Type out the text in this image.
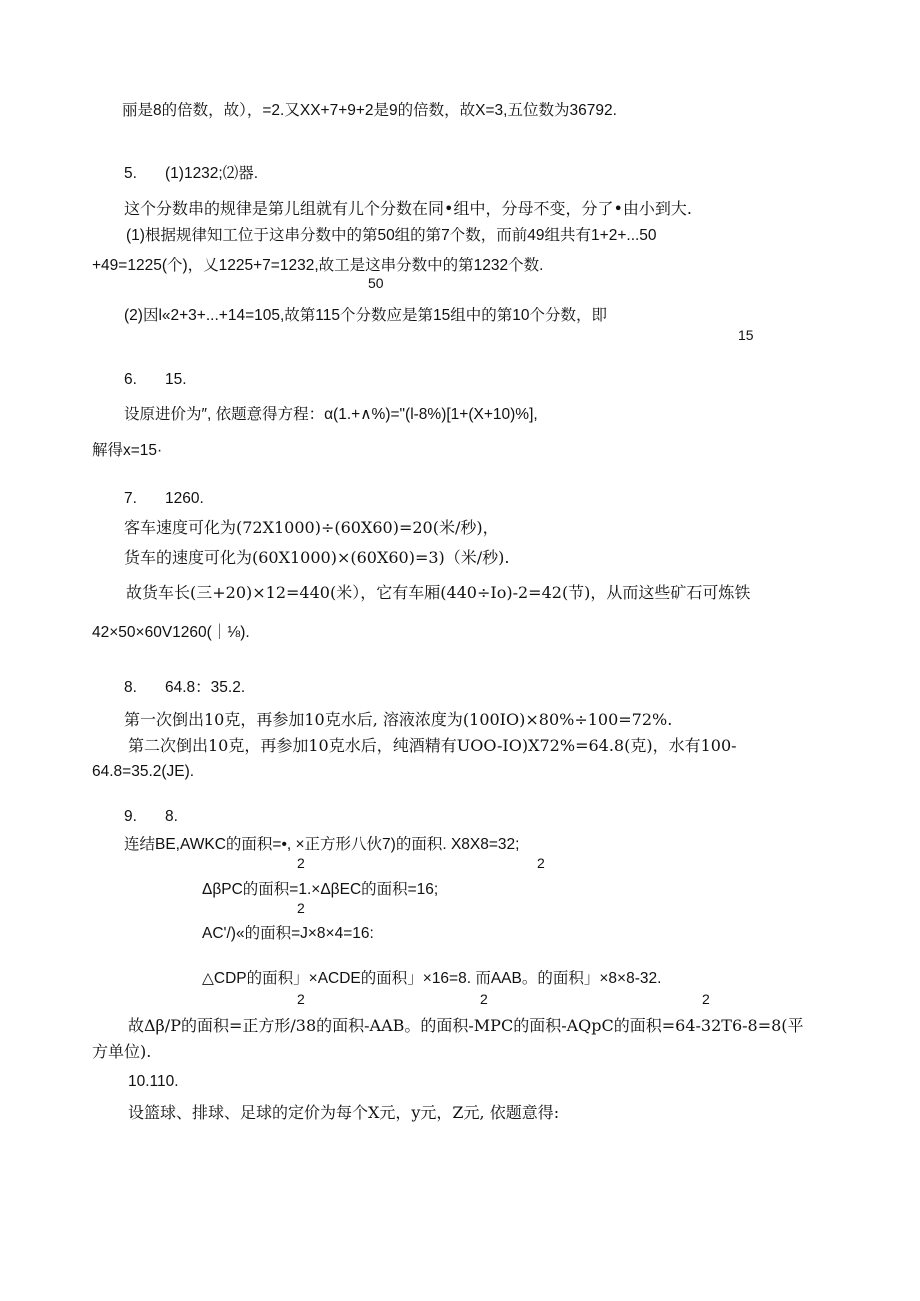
丽是8的倍数，故），=2.又XX+7+9+2是9的倍数，故X=3,五位数为36792.
5. (1)1232;⑵器.
这个分数串的规律是第儿组就有儿个分数在同•组中，分母不变，分了•由小到大.
(1)根据规律知工位于这串分数中的第50组的第7个数，而前49组共有1+2+...50
+49=1225(个)，乂1225+7=1232,故工是这串分数中的第1232个数.
50
(2)因l«2+3+...+14=105,故第115个分数应是第15组中的第10个分数，即
15
6. 15.
设原进价为″, 依题意得方程：α(1.+∧%)="(l-8%)[1+(X+10)%],
解得x=15·
7. 1260.
客车速度可化为(72X1000)÷(60X60)=20(米/秒)，
货车的速度可化为(60X1000)×(60X60)=3)（米/秒).
故货车长(三+20)×12=440(米），它有车厢(440÷Io)-2=42(节)，从而这些矿石可炼铁
42×50×60V1260(｜⅛).
8. 64.8：35.2.
第一次倒出10克，再参加10克水后, 溶液浓度为(100IO)×80%÷100=72%.
第二次倒出10克，再参加10克水后，纯酒精有UOO-IO)X72%=64.8(克)，水有100-
64.8=35.2(JE).
9. 8.
连结BE,AWKC的面积=•, ×正方形八伙7)的面积. X8X8=32;
2	2
ΔβPC的面积=1.×ΔβEC的面积=16;
2
AC'/)«的面积=J×8×4=16:
△CDP的面积」×ACDE的面积」×16=8. 而AAB。的面积」×8×8-32.
2	2	2
故Δβ∕P的面积=正方形/38的面积-AAB。的面积-MPC的面积-AQpC的面积=64-32T6-8=8(平
方单位).
10.110.
设篮球、排球、足球的定价为每个X元，y元，Z元, 依题意得:
